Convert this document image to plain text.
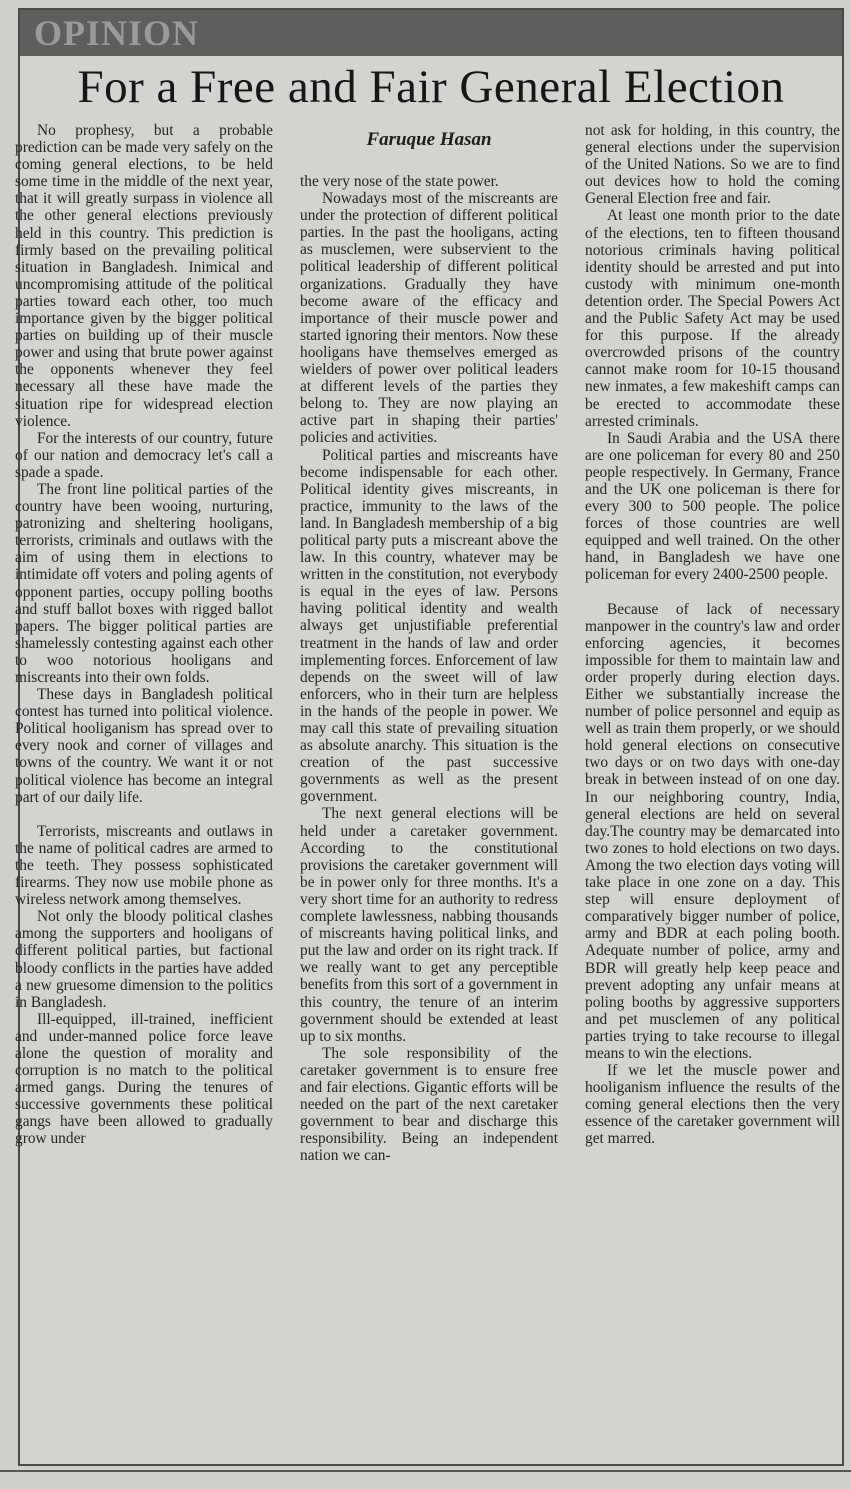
OPINION
For a Free and Fair General Election

No prophesy, but a probable prediction can be made very safely on the coming general elections, to be held some time in the middle of the next year, that it will greatly surpass in violence all the other general elections previously held in this country. This prediction is firmly based on the prevailing political situation in Bangladesh. Inimical and uncompromising attitude of the political parties toward each other, too much importance given by the bigger political parties on building up of their muscle power and using that brute power against the opponents whenever they feel necessary all these have made the situation ripe for widespread election violence.

For the interests of our country, future of our nation and democracy let's call a spade a spade.

The front line political parties of the country have been wooing, nurturing, patronizing and sheltering hooligans, terrorists, criminals and outlaws with the aim of using them in elections to intimidate off voters and poling agents of opponent parties, occupy polling booths and stuff ballot boxes with rigged ballot papers. The bigger political parties are shamelessly contesting against each other to woo notorious hooligans and miscreants into their own folds.

These days in Bangladesh political contest has turned into political violence. Political hooliganism has spread over to every nook and corner of villages and towns of the country. We want it or not political violence has become an integral part of our daily life.

Terrorists, miscreants and outlaws in the name of political cadres are armed to the teeth. They possess sophisticated firearms. They now use mobile phone as wireless network among themselves.

Not only the bloody political clashes among the supporters and hooligans of different political parties, but factional bloody conflicts in the parties have added a new gruesome dimension to the politics in Bangladesh.

Ill-equipped, ill-trained, inefficient and under-manned police force leave alone the question of morality and corruption is no match to the political armed gangs. During the tenures of successive governments these political gangs have been allowed to gradually grow under

Faruque Hasan

the very nose of the state power.

Nowadays most of the miscreants are under the protection of different political parties. In the past the hooligans, acting as musclemen, were subservient to the political leadership of different political organizations. Gradually they have become aware of the efficacy and importance of their muscle power and started ignoring their mentors. Now these hooligans have themselves emerged as wielders of power over political leaders at different levels of the parties they belong to. They are now playing an active part in shaping their parties' policies and activities.

Political parties and miscreants have become indispensable for each other. Political identity gives miscreants, in practice, immunity to the laws of the land. In Bangladesh membership of a big political party puts a miscreant above the law. In this country, whatever may be written in the constitution, not everybody is equal in the eyes of law. Persons having political identity and wealth always get unjustifiable preferential treatment in the hands of law and order implementing forces. Enforcement of law depends on the sweet will of law enforcers, who in their turn are helpless in the hands of the people in power. We may call this state of prevailing situation as absolute anarchy. This situation is the creation of the past successive governments as well as the present government.

The next general elections will be held under a caretaker government. According to the constitutional provisions the caretaker government will be in power only for three months. It's a very short time for an authority to redress complete lawlessness, nabbing thousands of miscreants having political links, and put the law and order on its right track. If we really want to get any perceptible benefits from this sort of a government in this country, the tenure of an interim government should be extended at least up to six months.

The sole responsibility of the caretaker government is to ensure free and fair elections. Gigantic efforts will be needed on the part of the next caretaker government to bear and discharge this responsibility. Being an independent nation we can-

not ask for holding, in this country, the general elections under the supervision of the United Nations. So we are to find out devices how to hold the coming General Election free and fair.

At least one month prior to the date of the elections, ten to fifteen thousand notorious criminals having political identity should be arrested and put into custody with minimum one-month detention order. The Special Powers Act and the Public Safety Act may be used for this purpose. If the already overcrowded prisons of the country cannot make room for 10-15 thousand new inmates, a few makeshift camps can be erected to accommodate these arrested criminals.

In Saudi Arabia and the USA there are one policeman for every 80 and 250 people respectively. In Germany, France and the UK one policeman is there for every 300 to 500 people. The police forces of those countries are well equipped and well trained. On the other hand, in Bangladesh we have one policeman for every 2400-2500 people.

Because of lack of necessary manpower in the country's law and order enforcing agencies, it becomes impossible for them to maintain law and order properly during election days. Either we substantially increase the number of police personnel and equip as well as train them properly, or we should hold general elections on consecutive two days or on two days with one-day break in between instead of on one day. In our neighboring country, India, general elections are held on several day.The country may be demarcated into two zones to hold elections on two days. Among the two election days voting will take place in one zone on a day. This step will ensure deployment of comparatively bigger number of police, army and BDR at each poling booth. Adequate number of police, army and BDR will greatly help keep peace and prevent adopting any unfair means at poling booths by aggressive supporters and pet musclemen of any political parties trying to take recourse to illegal means to win the elections.

If we let the muscle power and hooliganism influence the results of the coming general elections then the very essence of the caretaker government will get marred.
